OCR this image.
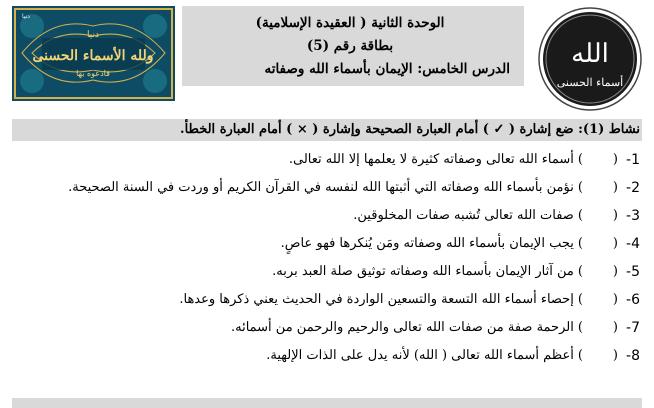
دنيا
ولله الأسماء الحسنى
فادعوه بها
دنيا	الوحدة الثانية ( العقيدة الإسلامية)
بطاقة رقم (5)
الدرس الخامس: الإيمان بأسماء الله وصفاته الله
أسماء الحسنى
نشاط (1): ضع إشارة ( ✓ ) أمام العبارة الصحيحة وإشارة ( × ) أمام العبارة الخطأ.
1-
()
أسماء الله تعالى وصفاته كثيرة لا يعلمها إلا الله تعالى.
2-
()
نؤمن بأسماء الله وصفاته التي أثبتها الله لنفسه في القرآن الكريم أو وردت في السنة الصحيحة.
3-
()
صفات الله تعالى تُشبه صفات المخلوقين.
4-
()
يجب الإيمان بأسماء الله وصفاته ومَن يُنكرها فهو عاصٍ.
5-
()
من آثار الإيمان بأسماء الله وصفاته توثيق صلة العبد بربه.
6-
()
إحصاء أسماء الله التسعة والتسعين الواردة في الحديث يعني ذكرها وعدها.
7-
()
الرحمة صفة من صفات الله تعالى والرحيم والرحمن من أسمائه.
8-
()
أعظم أسماء الله تعالى ( الله) لأنه يدل على الذات الإلهية.
